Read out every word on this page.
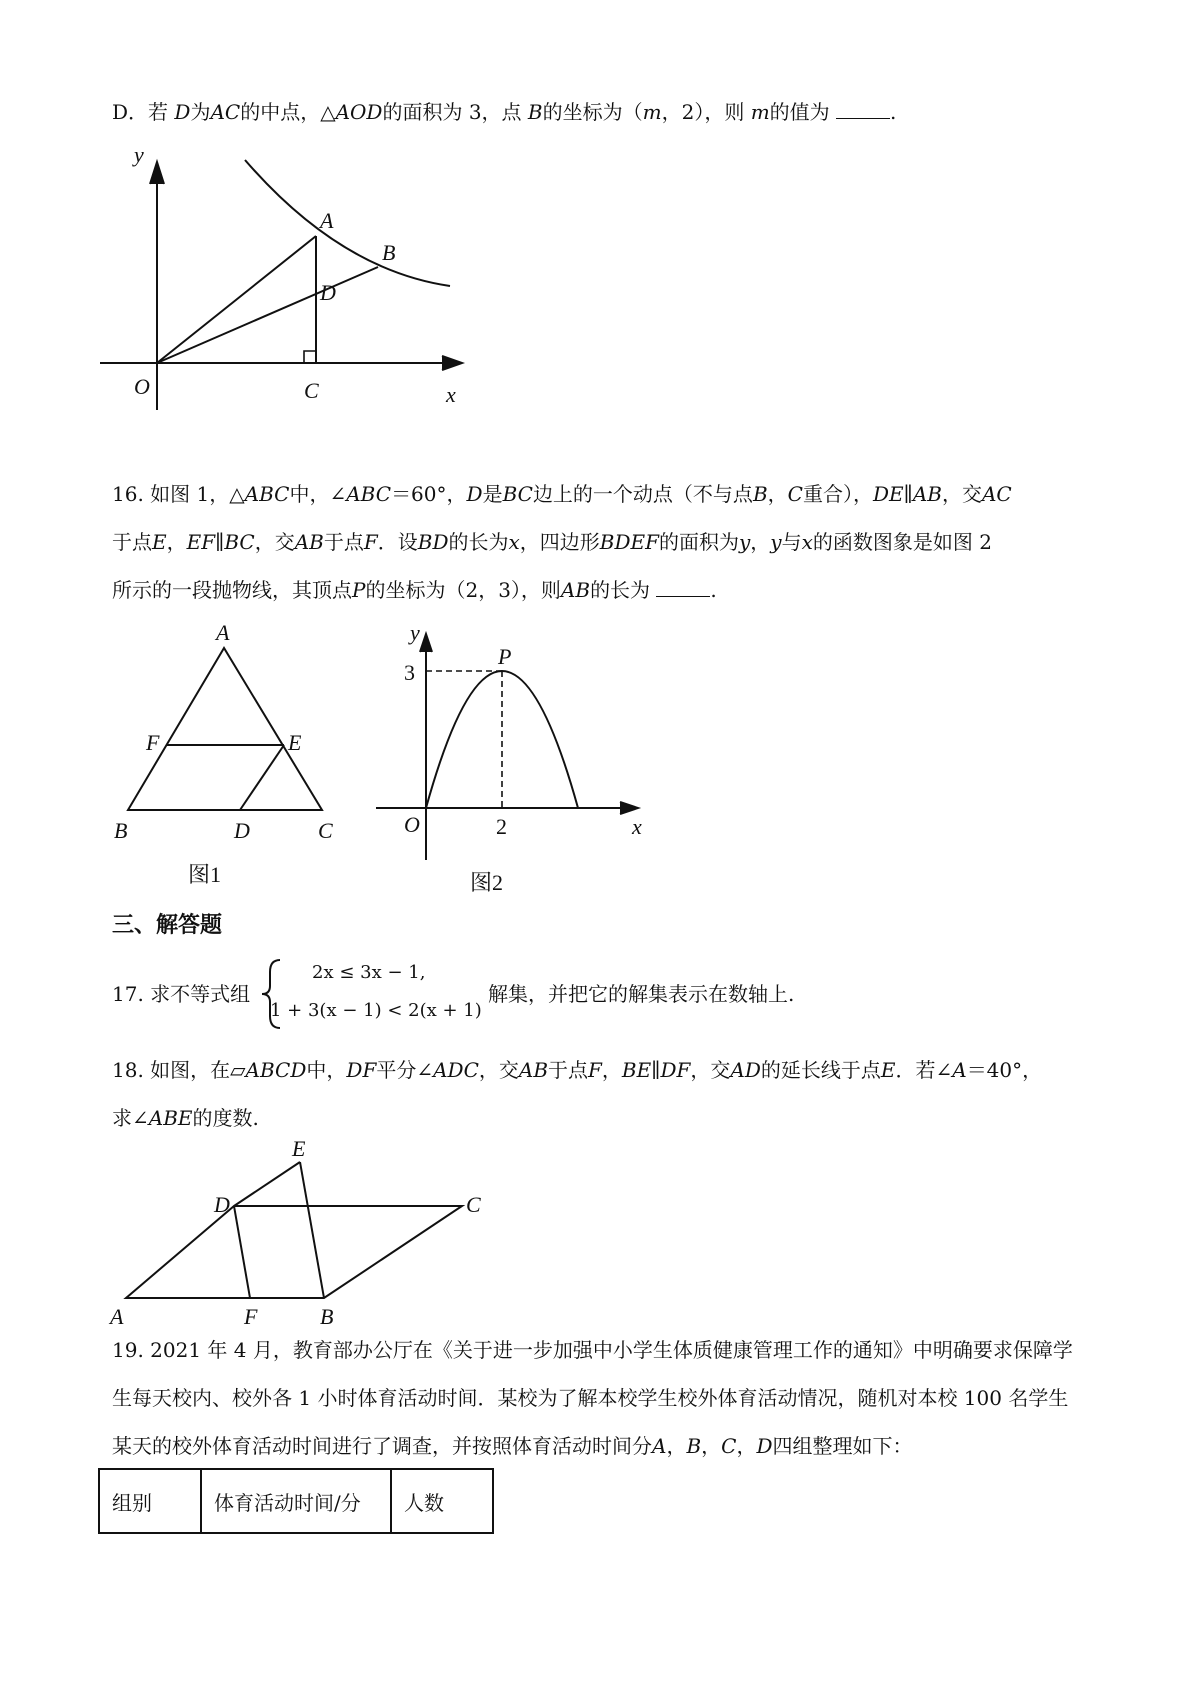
D．若 D为AC的中点，△AOD的面积为 3，点 B的坐标为（m，2），则 m的值为	.
y
x
O
A
B
C
D
16. 如图 1，△ABC中，∠ABC＝60°，D是BC边上的一个动点（不与点B，C重合），DE∥AB，交AC
于点E，EF∥BC，交AB于点F．设BD的长为x，四边形BDEF的面积为y，y与x的函数图象是如图 2
所示的一段抛物线，其顶点P的坐标为（2，3），则AB的长为	.
A
B	C
D
E
F
图1
y
x
O
P
3
2
图2
三、解答题
17. 求不等式组
2x ≤ 3x − 1,
1 + 3(x − 1) < 2(x + 1)
解集，并把它的解集表示在数轴上.
18. 如图，在▱ABCD中，DF平分∠ADC，交AB于点F，BE∥DF，交AD的延长线于点E．若∠A＝40°，
求∠ABE的度数.
A	B
C
D
E
F
19. 2021 年 4 月，教育部办公厅在《关于进一步加强中小学生体质健康管理工作的通知》中明确要求保障学
生每天校内、校外各 1 小时体育活动时间．某校为了解本校学生校外体育活动情况，随机对本校 100 名学生
某天的校外体育活动时间进行了调查，并按照体育活动时间分A，B，C，D四组整理如下：
组别	体育活动时间/分	人数
